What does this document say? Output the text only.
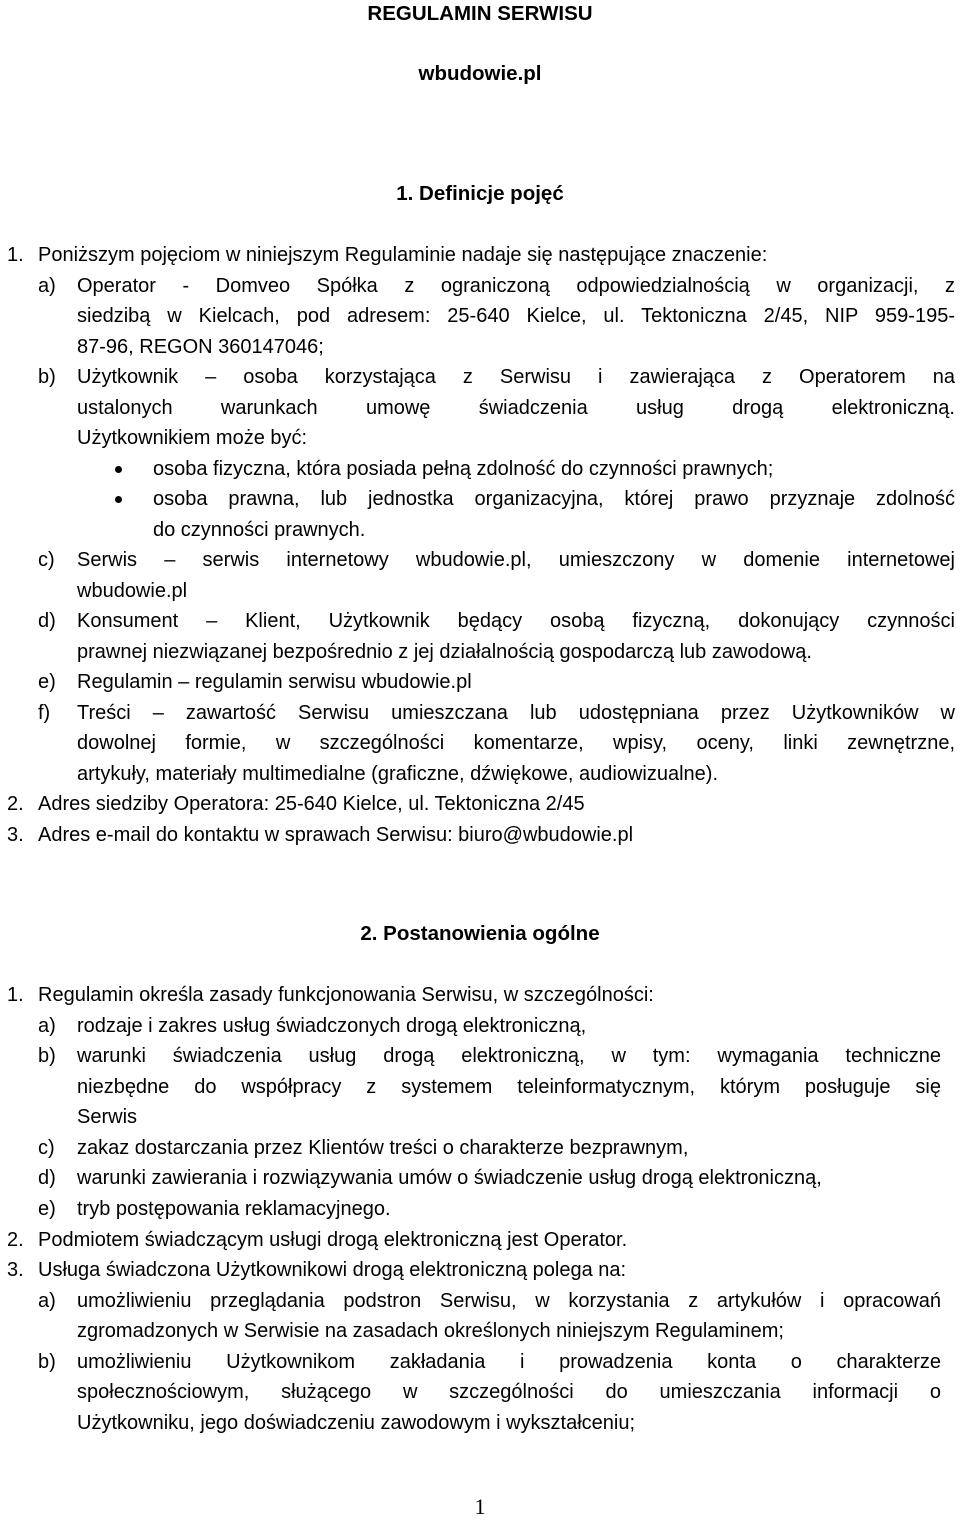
REGULAMIN SERWISU
wbudowie.pl
1. Definicje pojęć
1. Poniższym pojęciom w niniejszym Regulaminie nadaje się następujące znaczenie:
a) Operator - Domveo Spółka z ograniczoną odpowiedzialnością w organizacji, z
siedzibą w Kielcach, pod adresem: 25-640 Kielce, ul. Tektoniczna 2/45, NIP 959-195-
87-96, REGON 360147046;
b) Użytkownik – osoba korzystająca z Serwisu i zawierająca z Operatorem na
ustalonych warunkach umowę świadczenia usług drogą elektroniczną.
Użytkownikiem może być:
osoba fizyczna, która posiada pełną zdolność do czynności prawnych;
osoba prawna, lub jednostka organizacyjna, której prawo przyznaje zdolność
do czynności prawnych.
c) Serwis – serwis internetowy wbudowie.pl, umieszczony w domenie internetowej
wbudowie.pl
d) Konsument – Klient, Użytkownik będący osobą fizyczną, dokonujący czynności
prawnej niezwiązanej bezpośrednio z jej działalnością gospodarczą lub zawodową.
e) Regulamin – regulamin serwisu wbudowie.pl
f) Treści – zawartość Serwisu umieszczana lub udostępniana przez Użytkowników w
dowolnej formie, w szczególności komentarze, wpisy, oceny, linki zewnętrzne,
artykuły, materiały multimedialne (graficzne, dźwiękowe, audiowizualne).
2. Adres siedziby Operatora: 25-640 Kielce, ul. Tektoniczna 2/45
3. Adres e-mail do kontaktu w sprawach Serwisu: biuro@wbudowie.pl
2. Postanowienia ogólne
1. Regulamin określa zasady funkcjonowania Serwisu, w szczególności:
a) rodzaje i zakres usług świadczonych drogą elektroniczną,
b) warunki świadczenia usług drogą elektroniczną, w tym: wymagania techniczne
niezbędne do współpracy z systemem teleinformatycznym, którym posługuje się
Serwis
c) zakaz dostarczania przez Klientów treści o charakterze bezprawnym,
d) warunki zawierania i rozwiązywania umów o świadczenie usług drogą elektroniczną,
e) tryb postępowania reklamacyjnego.
2. Podmiotem świadczącym usługi drogą elektroniczną jest Operator.
3. Usługa świadczona Użytkownikowi drogą elektroniczną polega na:
a) umożliwieniu przeglądania podstron Serwisu, w korzystania z artykułów i opracowań
zgromadzonych w Serwisie na zasadach określonych niniejszym Regulaminem;
b) umożliwieniu Użytkownikom zakładania i prowadzenia konta o charakterze
społecznościowym, służącego w szczególności do umieszczania informacji o
Użytkowniku, jego doświadczeniu zawodowym i wykształceniu;
1
